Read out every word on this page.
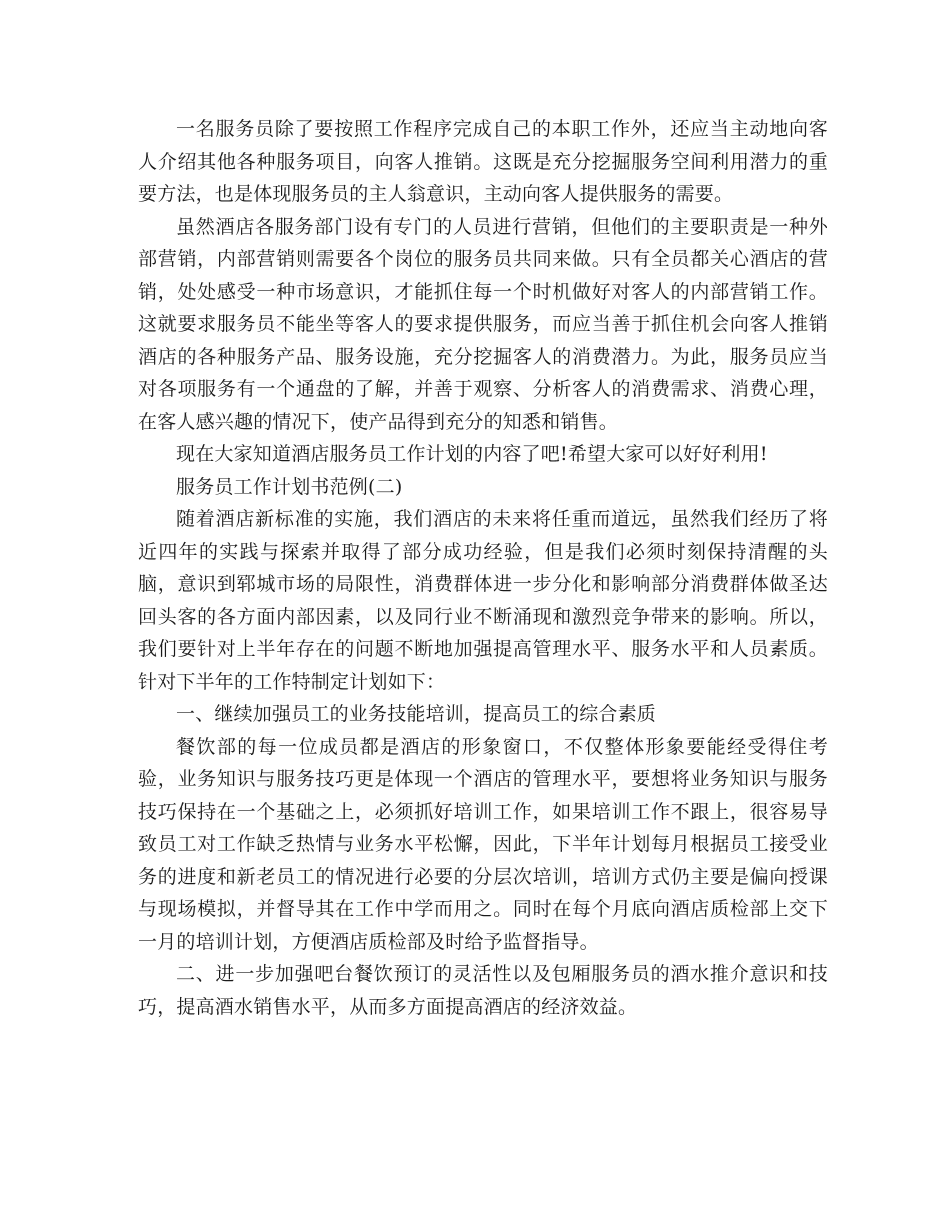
一名服务员除了要按照工作程序完成自己的本职工作外，还应当主动地向客人介绍其他各种服务项目，向客人推销。这既是充分挖掘服务空间利用潜力的重要方法，也是体现服务员的主人翁意识，主动向客人提供服务的需要。

虽然酒店各服务部门设有专门的人员进行营销，但他们的主要职责是一种外部营销，内部营销则需要各个岗位的服务员共同来做。只有全员都关心酒店的营销，处处感受一种市场意识，才能抓住每一个时机做好对客人的内部营销工作。这就要求服务员不能坐等客人的要求提供服务，而应当善于抓住机会向客人推销酒店的各种服务产品、服务设施，充分挖掘客人的消费潜力。为此，服务员应当对各项服务有一个通盘的了解，并善于观察、分析客人的消费需求、消费心理，在客人感兴趣的情况下，使产品得到充分的知悉和销售。

现在大家知道酒店服务员工作计划的内容了吧!希望大家可以好好利用!

服务员工作计划书范例(二)

随着酒店新标准的实施，我们酒店的未来将任重而道远，虽然我们经历了将近四年的实践与探索并取得了部分成功经验，但是我们必须时刻保持清醒的头脑，意识到郓城市场的局限性，消费群体进一步分化和影响部分消费群体做圣达回头客的各方面内部因素，以及同行业不断涌现和激烈竞争带来的影响。所以，我们要针对上半年存在的问题不断地加强提高管理水平、服务水平和人员素质。针对下半年的工作特制定计划如下：

一、继续加强员工的业务技能培训，提高员工的综合素质

餐饮部的每一位成员都是酒店的形象窗口，不仅整体形象要能经受得住考验，业务知识与服务技巧更是体现一个酒店的管理水平，要想将业务知识与服务技巧保持在一个基础之上，必须抓好培训工作，如果培训工作不跟上，很容易导致员工对工作缺乏热情与业务水平松懈，因此，下半年计划每月根据员工接受业务的进度和新老员工的情况进行必要的分层次培训，培训方式仍主要是偏向授课与现场模拟，并督导其在工作中学而用之。同时在每个月底向酒店质检部上交下一月的培训计划，方便酒店质检部及时给予监督指导。

二、进一步加强吧台餐饮预订的灵活性以及包厢服务员的酒水推介意识和技巧，提高酒水销售水平，从而多方面提高酒店的经济效益。
